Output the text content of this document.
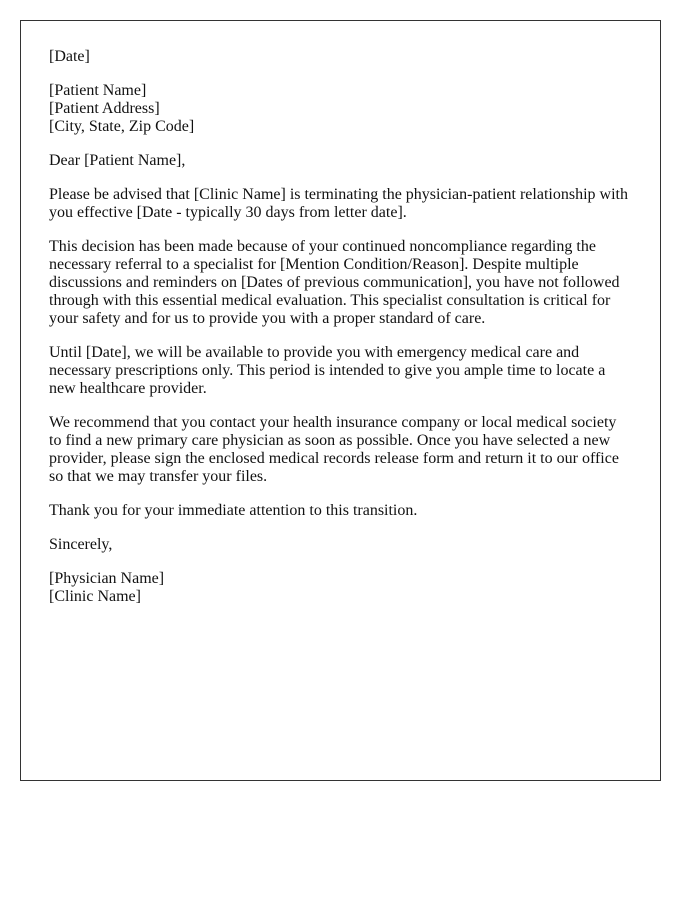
[Date]

[Patient Name]
[Patient Address]
[City, State, Zip Code]

Dear [Patient Name],

Please be advised that [Clinic Name] is terminating the physician-patient relationship with you effective [Date - typically 30 days from letter date].

This decision has been made because of your continued noncompliance regarding the necessary referral to a specialist for [Mention Condition/Reason]. Despite multiple discussions and reminders on [Dates of previous communication], you have not followed through with this essential medical evaluation. This specialist consultation is critical for your safety and for us to provide you with a proper standard of care.

Until [Date], we will be available to provide you with emergency medical care and necessary prescriptions only. This period is intended to give you ample time to locate a new healthcare provider.

We recommend that you contact your health insurance company or local medical society to find a new primary care physician as soon as possible. Once you have selected a new provider, please sign the enclosed medical records release form and return it to our office so that we may transfer your files.

Thank you for your immediate attention to this transition.

Sincerely,

[Physician Name]
[Clinic Name]
